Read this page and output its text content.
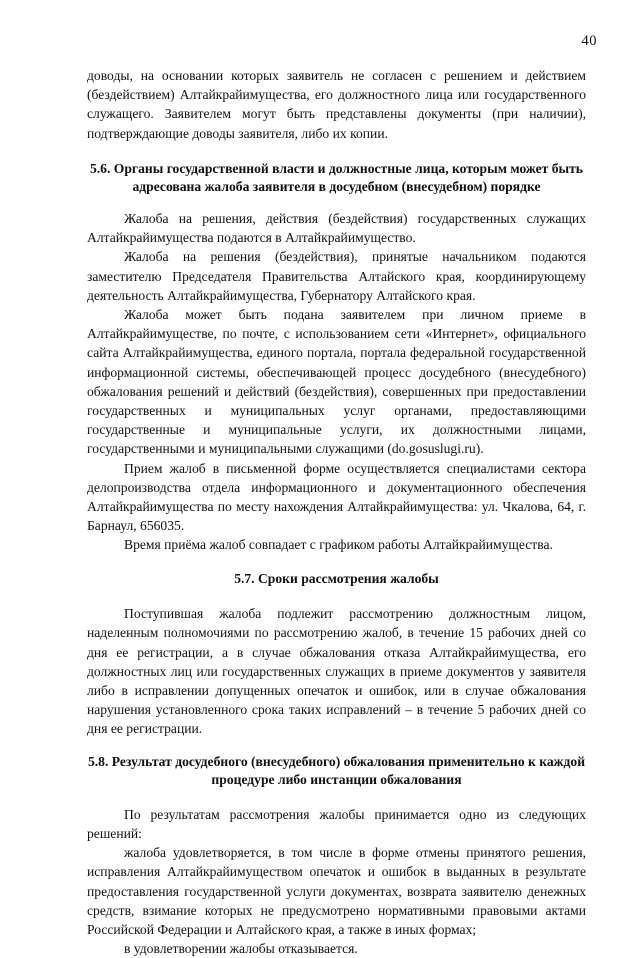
40

доводы, на основании которых заявитель не согласен с решением и действием (бездействием) Алтайкрайимущества, его должностного лица или государственного служащего. Заявителем могут быть представлены документы (при наличии), подтверждающие доводы заявителя, либо их копии.

5.6. Органы государственной власти и должностные лица, которым может быть адресована жалоба заявителя в досудебном (внесудебном) порядке

Жалоба на решения, действия (бездействия) государственных служащих Алтайкрайимущества подаются в Алтайкрайимущество.

Жалоба на решения (бездействия), принятые начальником подаются заместителю Председателя Правительства Алтайского края, координирующему деятельность Алтайкрайимущества, Губернатору Алтайского края.

Жалоба может быть подана заявителем при личном приеме в Алтайкрайимуществе, по почте, с использованием сети «Интернет», официального сайта Алтайкрайимущества, единого портала, портала федеральной государственной информационной системы, обеспечивающей процесс досудебного (внесудебного) обжалования решений и действий (бездействия), совершенных при предоставлении государственных и муниципальных услуг органами, предоставляющими государственные и муниципальные услуги, их должностными лицами, государственными и муниципальными служащими (do.gosuslugi.ru).

Прием жалоб в письменной форме осуществляется специалистами сектора делопроизводства отдела информационного и документационного обеспечения Алтайкрайимущества по месту нахождения Алтайкрайимущества: ул. Чкалова, 64, г. Барнаул, 656035.

Время приёма жалоб совпадает с графиком работы Алтайкрайимущества.

5.7. Сроки рассмотрения жалобы

Поступившая жалоба подлежит рассмотрению должностным лицом, наделенным полномочиями по рассмотрению жалоб, в течение 15 рабочих дней со дня ее регистрации, а в случае обжалования отказа Алтайкрайимущества, его должностных лиц или государственных служащих в приеме документов у заявителя либо в исправлении допущенных опечаток и ошибок, или в случае обжалования нарушения установленного срока таких исправлений – в течение 5 рабочих дней со дня ее регистрации.

5.8. Результат досудебного (внесудебного) обжалования применительно к каждой процедуре либо инстанции обжалования

По результатам рассмотрения жалобы принимается одно из следующих решений:

жалоба удовлетворяется, в том числе в форме отмены принятого решения, исправления Алтайкрайимуществом опечаток и ошибок в выданных в результате предоставления государственной услуги документах, возврата заявителю денежных средств, взимание которых не предусмотрено нормативными правовыми актами Российской Федерации и Алтайского края, а также в иных формах;

в удовлетворении жалобы отказывается.
